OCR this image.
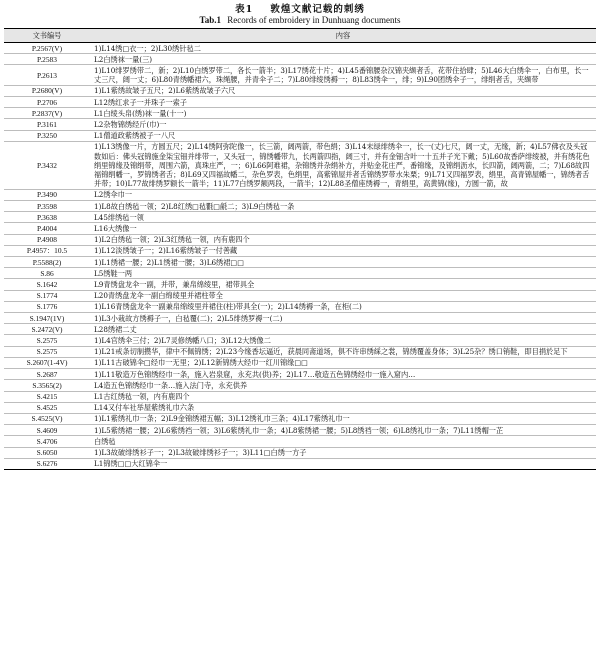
表1 敦煌文献记载的刺绣
Tab.1 Records of embroidery in Dunhuang documents
文书编号	内容
P.2567(V)	1)L14绣□衣一；2)L30绣针毡二
P.2583	L2白绣袜一量(三)
P.2613	1)L10绯罗绣带二，新；2)L10白绣罗带二，各长一箭半；3)L17绣花十片；4)L45番锦腰杂汉锦夹缬者舌，花带住拾肆；5)L46大白绣伞一，白布里，长一丈三尺，阔一丈；6)L80青绣幡裙六，珠绳腰，并青伞子二；7)L80绯绫绣褥一；8)L83绣伞一，绯；9)L90团绣伞子一，绯绢者舌，夹缬带
P.2680(V)	1)L1紫绣故皱子五尺；2)L6紫绣故皱子六尺
P.2706	L12绣红求子一并珠子一索子
P.2837(V)	L1白绫头帛(绣)袜一量(十一)
P.3161	L2杂物锦绣经斤(巾)一
P.3250	L1僧道政紫绣被子一八尺
P.3432	1)L13绣像一片，方圆五尺；2)L14绣阿弥陀像一，长三箭，阔两箭，带色绢；3)L14末绿绯绣伞一，长一(丈)七尺，阔一丈，无缘，新；4)L57佛衣及头冠数如后：佛头冠锦施金柒宝钿并绯带一，又头冠一，锦绣幡带九，长两箭四指，阔三寸，并有金钿含叶一十五并子光下戴；5)L60故香萨绯绫被，并有绣花色绢里锦缘及锦绢带，周围六箭，真珠庄严，一；6)L66阿难裙，杂锦绣并杂绢补方，并贴金花庄严，番锦缘，及锦绢沥水，长四箭，阔两箭，二；7)L68故四福锦绢幡一，罗锦绣者舌；8)L69又四福故幡二，杂色罗表，色绢里，高紫锦屋并者舌锦绣罗带水朱栗；9)L71又四福罗表，绢里，高青锦屋幡一，锦绣者舌并带；10)L77故绯绣罗额长一箭半；11)L77白绣罗额两段，一箭半；12)L88圣僧座绣褥一，青绢里，高黄锦(缘)，方圆一箭，故
P.3490	L2绣伞巾一
P.3598	1)L8故白绣毡一领；2)L8红绣□毡氍□毹二；3)L9白绣毡一条
P.3638	L45绯绣毡一领
P.4004	L16大绣像一
P.4908	1)L2白绣毡一领；2)L3红绣毡一领，内有鹿四个
P.4957：10.5	1)L12淡绣皱子一；2)L16紫绣皱子一付善藏
P.5588(2)	1)L1绣裙一腰；2)L1绣裙一腰；3)L6绣裙□□
S.86	L5绣鞋一两
S.1642	L9青绣盘龙伞一副，并带，兼帛绵绫里，裙带具全
S.1774	L20青绣盘龙伞一副白绵绫里并裙柱带全
S.1776	1)L16青绣盘龙伞一副兼帛绵绫里并裙住(柱)带具全(一)；2)L14绣褥一条，在柜(二)
S.1947(1V)	1)L3小栽故方绣褥子一，白毡覆(二)；2)L5绯绣罗褥一(二)
S.2472(V)	L28绣裙二丈
S.2575	1)L4官绣伞三付；2)L7灵修绣幡八口；3)L12大绣像二
S.2575	1)L21戒条切制攒华，律中不佩锦绣；2)L23今缘香坛逼近，获晨同斋道场，俱不许串绣綵之裳，锦绣覆盖身体；3)L25杂？绣口销鞋，即目捐於足下
S.2607(1-4V)	1)L11古破锦伞□经巾一无里；2)L12新锦绣大经巾一红川锦缘□□
S.2687	1)L11敬造万色锦绣经巾一条，施入岩泉窟，永充共(供)养；2)L17…敬造五色锦绣经巾一施入窟内…
S.3565(2)	L4造五色锦绣经巾一条…施入法门寺，永充供养
S.4215	L1古红绣毡一领，内有鹿四个
S.4525	L14又付车社举屋紫绣礼巾六条
S.4525(V)	1)L1紫绣礼巾一条；2)L9金锦绣裙五幅；3)L12绣礼巾三条；4)L17紫绣礼巾一
S.4609	1)L5紫绣裙一腰；2)L6紫绣裆一领；3)L6紫绣礼巾一条；4)L8紫绣裙一腰；5)L8绣裆一领；6)L8绣礼巾一条；7)L11绣帽一芷
S.4706	白绣毡
S.6050	1)L3故破绯绣衫子一；2)L3故破绯绣衫子一；3)L11□白绣一方子
S.6276	L1锦绣□□大红锦伞一
